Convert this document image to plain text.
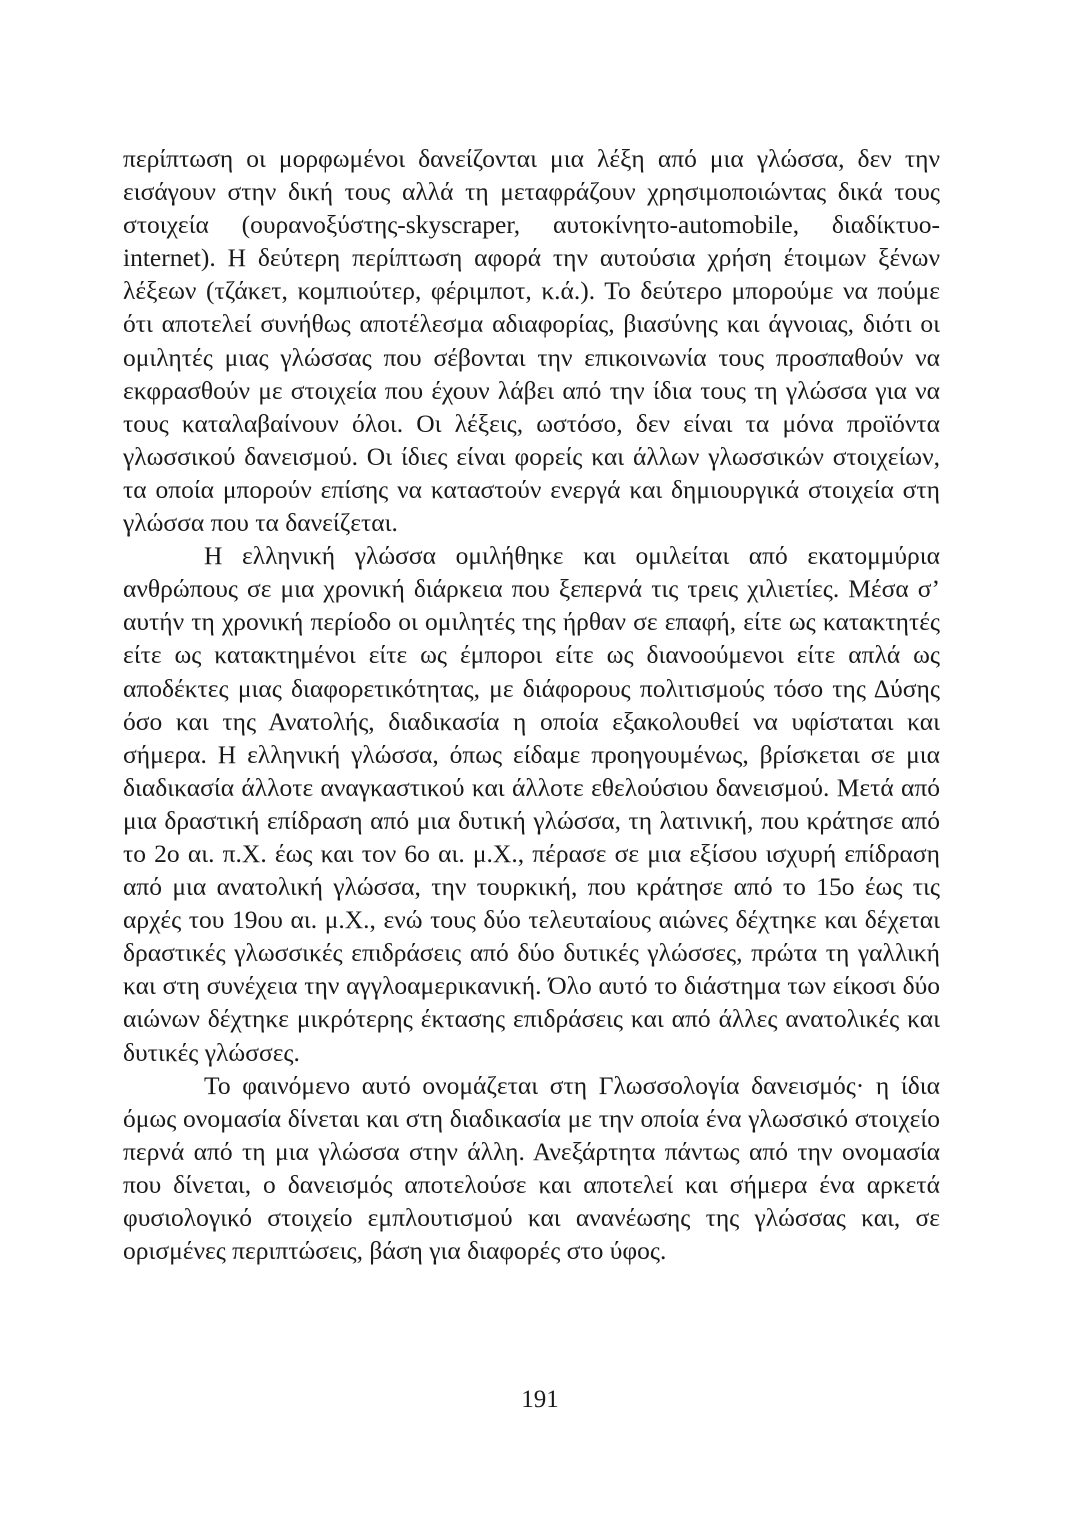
περίπτωση οι μορφωμένοι δανείζονται μια λέξη από μια γλώσσα, δεν την εισάγουν στην δική τους αλλά τη μεταφράζουν χρησιμοποιώντας δικά τους στοιχεία (ουρανοξύστης-skyscraper, αυτοκίνητο-automobile, διαδίκτυο-internet). Η δεύτερη περίπτωση αφορά την αυτούσια χρήση έτοιμων ξένων λέξεων (τζάκετ, κομπιούτερ, φέριμποτ, κ.ά.). Το δεύτερο μπορούμε να πούμε ότι αποτελεί συνήθως αποτέλεσμα αδιαφορίας, βιασύνης και άγνοιας, διότι οι ομιλητές μιας γλώσσας που σέβονται την επικοινωνία τους προσπαθούν να εκφρασθούν με στοιχεία που έχουν λάβει από την ίδια τους τη γλώσσα για να τους καταλαβαίνουν όλοι. Οι λέξεις, ωστόσο, δεν είναι τα μόνα προϊόντα γλωσσικού δανεισμού. Οι ίδιες είναι φορείς και άλλων γλωσσικών στοιχείων, τα οποία μπορούν επίσης να καταστούν ενεργά και δημιουργικά στοιχεία στη γλώσσα που τα δανείζεται.

Η ελληνική γλώσσα ομιλήθηκε και ομιλείται από εκατομμύρια ανθρώπους σε μια χρονική διάρκεια που ξεπερνά τις τρεις χιλιετίες. Μέσα σ’ αυτήν τη χρονική περίοδο οι ομιλητές της ήρθαν σε επαφή, είτε ως κατακτητές είτε ως κατακτημένοι είτε ως έμποροι είτε ως διανοούμενοι είτε απλά ως αποδέκτες μιας διαφορετικότητας, με διάφορους πολιτισμούς τόσο της Δύσης όσο και της Ανατολής, διαδικασία η οποία εξακολουθεί να υφίσταται και σήμερα. Η ελληνική γλώσσα, όπως είδαμε προηγουμένως, βρίσκεται σε μια διαδικασία άλλοτε αναγκαστικού και άλλοτε εθελούσιου δανεισμού. Μετά από μια δραστική επίδραση από μια δυτική γλώσσα, τη λατινική, που κράτησε από το 2ο αι. π.Χ. έως και τον 6ο αι. μ.Χ., πέρασε σε μια εξίσου ισχυρή επίδραση από μια ανατολική γλώσσα, την τουρκική, που κράτησε από το 15ο έως τις αρχές του 19ου αι. μ.Χ., ενώ τους δύο τελευταίους αιώνες δέχτηκε και δέχεται δραστικές γλωσσικές επιδράσεις από δύο δυτικές γλώσσες, πρώτα τη γαλλική και στη συνέχεια την αγγλοαμερικανική. Όλο αυτό το διάστημα των είκοσι δύο αιώνων δέχτηκε μικρότερης έκτασης επιδράσεις και από άλλες ανατολικές και δυτικές γλώσσες.

Το φαινόμενο αυτό ονομάζεται στη Γλωσσολογία δανεισμός· η ίδια όμως ονομασία δίνεται και στη διαδικασία με την οποία ένα γλωσσικό στοιχείο περνά από τη μια γλώσσα στην άλλη. Ανεξάρτητα πάντως από την ονομασία που δίνεται, ο δανεισμός αποτελούσε και αποτελεί και σήμερα ένα αρκετά φυσιολογικό στοιχείο εμπλουτισμού και ανανέωσης της γλώσσας και, σε ορισμένες περιπτώσεις, βάση για διαφορές στο ύφος.

191
